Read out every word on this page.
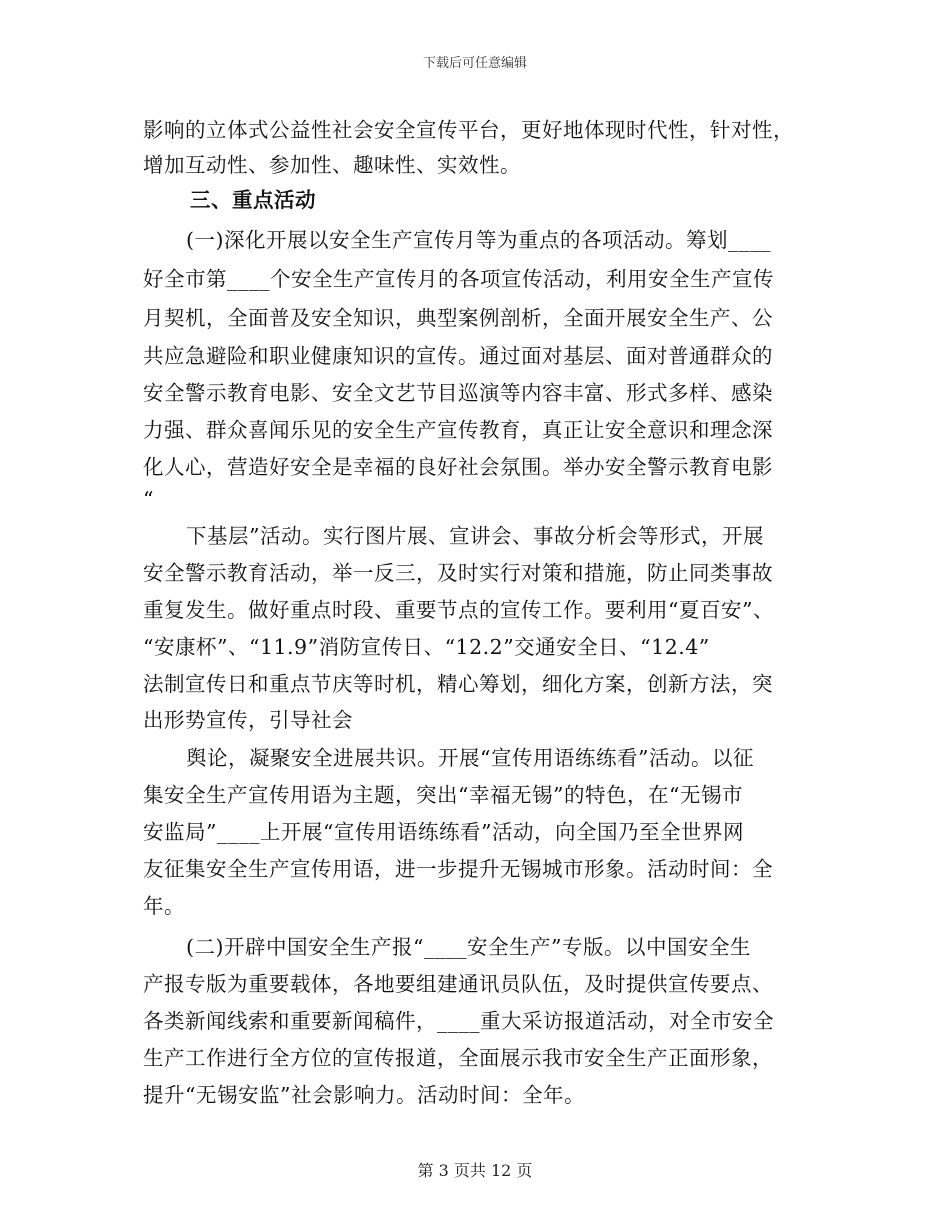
下载后可任意编辑
影响的立体式公益性社会安全宣传平台，更好地体现时代性，针对性，
增加互动性、参加性、趣味性、实效性。
三、重点活动
(一)深化开展以安全生产宣传月等为重点的各项活动。筹划____
好全市第____个安全生产宣传月的各项宣传活动，利用安全生产宣传
月契机，全面普及安全知识，典型案例剖析，全面开展安全生产、公
共应急避险和职业健康知识的宣传。通过面对基层、面对普通群众的
安全警示教育电影、安全文艺节目巡演等内容丰富、形式多样、感染
力强、群众喜闻乐见的安全生产宣传教育，真正让安全意识和理念深
化人心，营造好安全是幸福的良好社会氛围。举办安全警示教育电影
“
下基层”活动。实行图片展、宣讲会、事故分析会等形式，开展
安全警示教育活动，举一反三，及时实行对策和措施，防止同类事故
重复发生。做好重点时段、重要节点的宣传工作。要利用“夏百安”、
“安康杯”、“11.9”消防宣传日、“12.2”交通安全日、“12.4”
法制宣传日和重点节庆等时机，精心筹划，细化方案，创新方法，突
出形势宣传，引导社会
舆论，凝聚安全进展共识。开展“宣传用语练练看”活动。以征
集安全生产宣传用语为主题，突出“幸福无锡”的特色，在“无锡市
安监局”____上开展“宣传用语练练看”活动，向全国乃至全世界网
友征集安全生产宣传用语，进一步提升无锡城市形象。活动时间：全
年。
(二)开辟中国安全生产报“____安全生产”专版。以中国安全生
产报专版为重要载体，各地要组建通讯员队伍，及时提供宣传要点、
各类新闻线索和重要新闻稿件，____重大采访报道活动，对全市安全
生产工作进行全方位的宣传报道，全面展示我市安全生产正面形象，
提升“无锡安监”社会影响力。活动时间：全年。
第 3 页共 12 页
